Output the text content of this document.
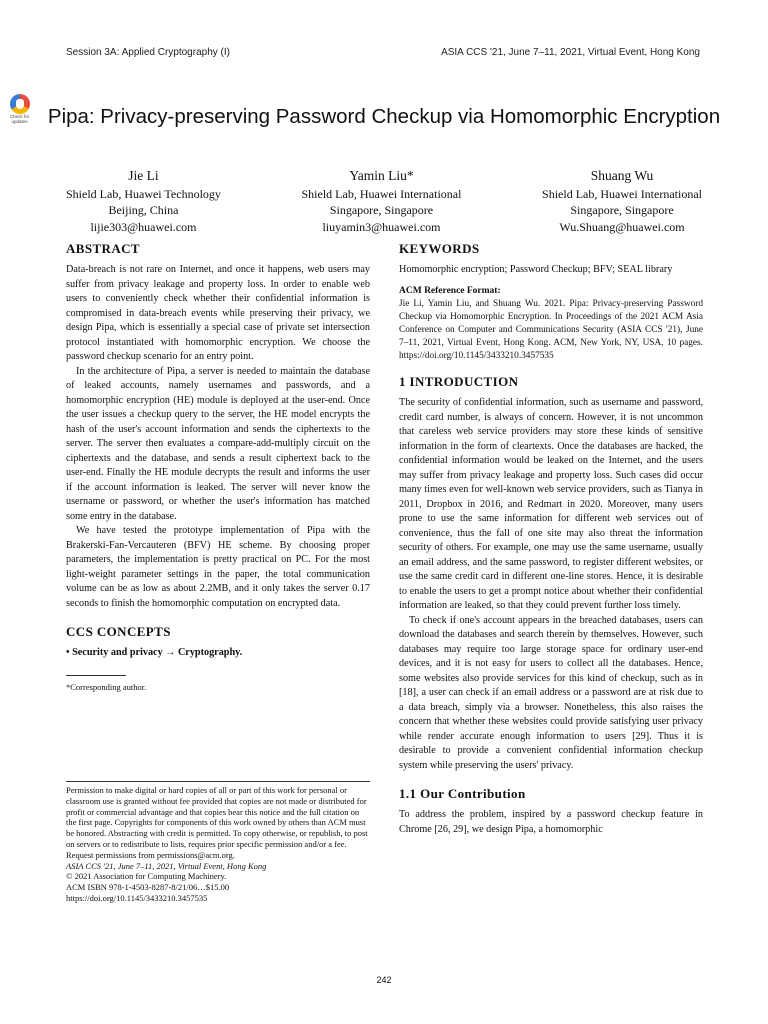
Session 3A: Applied Cryptography (I)	ASIA CCS '21, June 7–11, 2021, Virtual Event, Hong Kong
Check for
updates Pipa: Privacy-preserving Password Checkup via Homomorphic Encryption
Jie Li
Shield Lab, Huawei Technology
Beijing, China
lijie303@huawei.com
Yamin Liu*
Shield Lab, Huawei International
Singapore, Singapore
liuyamin3@huawei.com
Shuang Wu
Shield Lab, Huawei International
Singapore, Singapore
Wu.Shuang@huawei.com
ABSTRACT

Data-breach is not rare on Internet, and once it happens, web users may suffer from privacy leakage and property loss. In order to enable web users to conveniently check whether their confidential information is compromised in data-breach events while preserving their privacy, we design Pipa, which is essentially a special case of private set intersection protocol instantiated with homomorphic encryption. We choose the password checkup scenario for an entry point.

In the architecture of Pipa, a server is needed to maintain the database of leaked accounts, namely usernames and passwords, and a homomorphic encryption (HE) module is deployed at the user-end. Once the user issues a checkup query to the server, the HE model encrypts the hash of the user's account information and sends the ciphertexts to the server. The server then evaluates a compare-add-multiply circuit on the ciphertexts and the database, and sends a result ciphertext back to the user-end. Finally the HE module decrypts the result and informs the user if the account information is leaked. The server will never know the username or password, or whether the user's information has matched some entry in the database.

We have tested the prototype implementation of Pipa with the Brakerski-Fan-Vercauteren (BFV) HE scheme. By choosing proper parameters, the implementation is pretty practical on PC. For the most light-weight parameter settings in the paper, the total communication volume can be as low as about 2.2MB, and it only takes the server 0.17 seconds to finish the homomorphic computation on encrypted data.

CCS CONCEPTS

• Security and privacy → Cryptography.

*Corresponding author.

Permission to make digital or hard copies of all or part of this work for personal or classroom use is granted without fee provided that copies are not made or distributed for profit or commercial advantage and that copies bear this notice and the full citation on the first page. Copyrights for components of this work owned by others than ACM must be honored. Abstracting with credit is permitted. To copy otherwise, or republish, to post on servers or to redistribute to lists, requires prior specific permission and/or a fee. Request permissions from permissions@acm.org.
ASIA CCS '21, June 7–11, 2021, Virtual Event, Hong Kong
© 2021 Association for Computing Machinery.
ACM ISBN 978-1-4503-8287-8/21/06…$15.00
https://doi.org/10.1145/3433210.3457535
KEYWORDS

Homomorphic encryption; Password Checkup; BFV; SEAL library

ACM Reference Format:

Jie Li, Yamin Liu, and Shuang Wu. 2021. Pipa: Privacy-preserving Password Checkup via Homomorphic Encryption. In Proceedings of the 2021 ACM Asia Conference on Computer and Communications Security (ASIA CCS '21), June 7–11, 2021, Virtual Event, Hong Kong. ACM, New York, NY, USA, 10 pages. https://doi.org/10.1145/3433210.3457535

1 INTRODUCTION

The security of confidential information, such as username and password, credit card number, is always of concern. However, it is not uncommon that careless web service providers may store these kinds of sensitive information in the form of cleartexts. Once the databases are hacked, the confidential information would be leaked on the Internet, and the users may suffer from privacy leakage and property loss. Such cases did occur many times even for well-known web service providers, such as Tianya in 2011, Dropbox in 2016, and Redmart in 2020. Moreover, many users prone to use the same information for different web services out of convenience, thus the fall of one site may also threat the information security of others. For example, one may use the same username, usually an email address, and the same password, to register different websites, or use the same credit card in different one-line stores. Hence, it is desirable to enable the users to get a prompt notice about whether their confidential information are leaked, so that they could prevent further loss timely.

To check if one's account appears in the breached databases, users can download the databases and search therein by themselves. However, such databases may require too large storage space for ordinary user-end devices, and it is not easy for users to collect all the databases. Hence, some websites also provide services for this kind of checkup, such as in [18], a user can check if an email address or a password are at risk due to a data breach, simply via a browser. Nonetheless, this also raises the concern that whether these websites could provide satisfying user privacy while render accurate enough information to users [29]. Thus it is desirable to provide a convenient confidential information checkup system while preserving the users' privacy.

1.1 Our Contribution

To address the problem, inspired by a password checkup feature in Chrome [26, 29], we design Pipa, a homomorphic

242
